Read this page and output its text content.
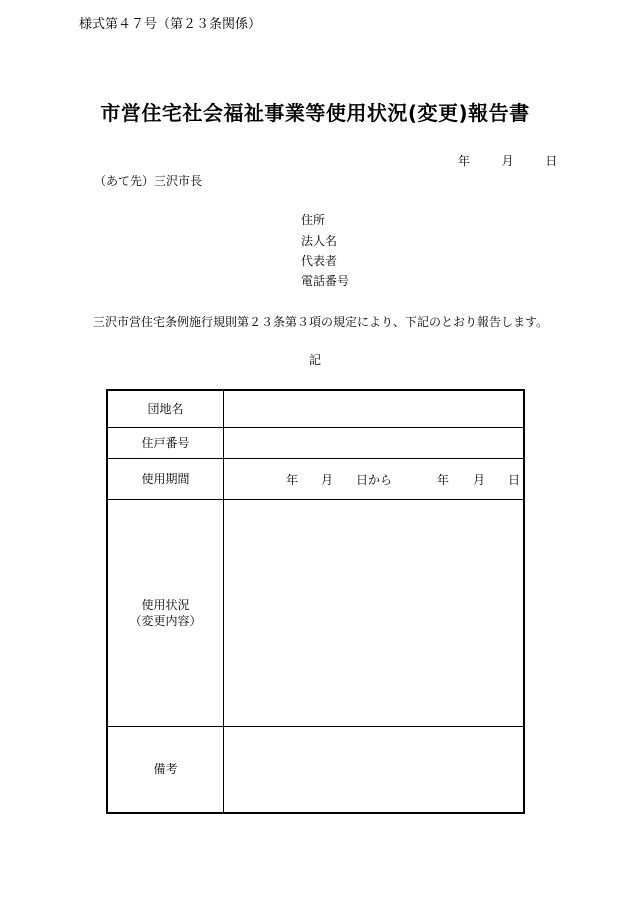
様式第４７号（第２３条関係）
市営住宅社会福祉事業等使用状況(変更)報告書
年	月	日
（あて先）三沢市長
住所
法人名
代表者
電話番号
三沢市営住宅条例施行規則第２３条第３項の規定により、下記のとおり報告します。
記
団地名
住戸番号
使用期間	年 月 日から	年 月 日
使用状況
（変更内容）
備考
